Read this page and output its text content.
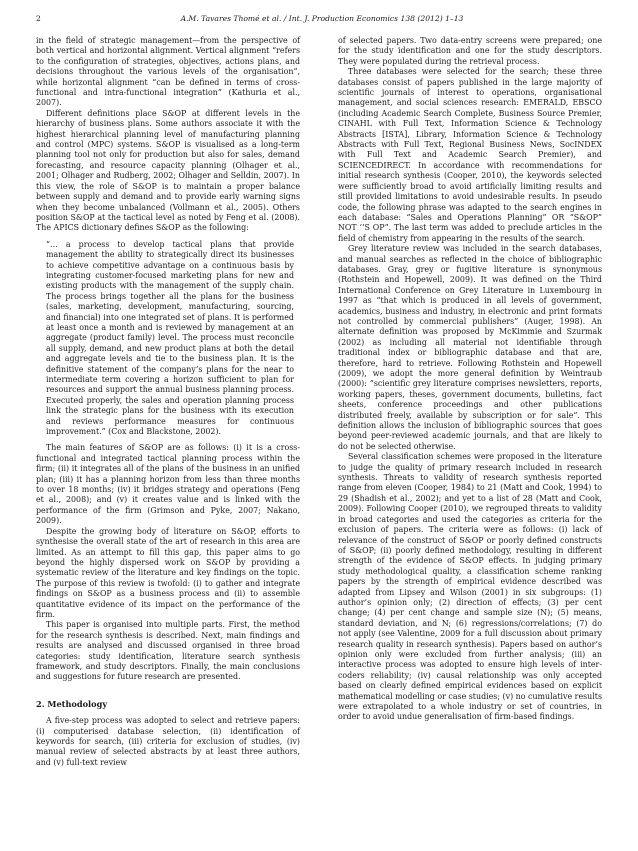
2	A.M. Tavares Thomé et al. / Int. J. Production Economics 138 (2012) 1–13

in the field of strategic management—from the perspective of both vertical and horizontal alignment. Vertical alignment “refers to the configuration of strategies, objectives, actions plans, and decisions throughout the various levels of the organisation”, while horizontal alignment “can be defined in terms of cross-functional and intra-functional integration” (Kathuria et al., 2007).

Different definitions place S&OP at different levels in the hierarchy of business plans. Some authors associate it with the highest hierarchical planning level of manufacturing planning and control (MPC) systems. S&OP is visualised as a long-term planning tool not only for production but also for sales, demand forecasting, and resource capacity planning (Olhager et al., 2001; Olhager and Rudberg, 2002; Olhager and Selldin, 2007). In this view, the role of S&OP is to maintain a proper balance between supply and demand and to provide early warning signs when they become unbalanced (Vollmann et al., 2005). Others position S&OP at the tactical level as noted by Feng et al. (2008). The APICS dictionary defines S&OP as the following:

“… a process to develop tactical plans that provide management the ability to strategically direct its businesses to achieve competitive advantage on a continuous basis by integrating customer-focused marketing plans for new and existing products with the management of the supply chain. The process brings together all the plans for the business (sales, marketing, development, manufacturing, sourcing, and financial) into one integrated set of plans. It is performed at least once a month and is reviewed by management at an aggregate (product family) level. The process must reconcile all supply, demand, and new product plans at both the detail and aggregate levels and tie to the business plan. It is the definitive statement of the company’s plans for the near to intermediate term covering a horizon sufficient to plan for resources and support the annual business planning process. Executed properly, the sales and operation planning process link the strategic plans for the business with its execution and reviews performance measures for continuous improvement.” (Cox and Blackstone, 2002).

The main features of S&OP are as follows: (i) it is a cross-functional and integrated tactical planning process within the firm; (ii) it integrates all of the plans of the business in an unified plan; (iii) it has a planning horizon from less than three months to over 18 months; (iv) it bridges strategy and operations (Feng et al., 2008); and (v) it creates value and is linked with the performance of the firm (Grimson and Pyke, 2007; Nakano, 2009).

Despite the growing body of literature on S&OP, efforts to synthesise the overall state of the art of research in this area are limited. As an attempt to fill this gap, this paper aims to go beyond the highly dispersed work on S&OP by providing a systematic review of the literature and key findings on the topic. The purpose of this review is twofold: (i) to gather and integrate findings on S&OP as a business process and (ii) to assemble quantitative evidence of its impact on the performance of the firm.

This paper is organised into multiple parts. First, the method for the research synthesis is described. Next, main findings and results are analysed and discussed organised in three broad categories: study identification, literature search synthesis framework, and study descriptors. Finally, the main conclusions and suggestions for future research are presented.

2. Methodology

A five-step process was adopted to select and retrieve papers: (i) computerised database selection, (ii) identification of keywords for search, (iii) criteria for exclusion of studies, (iv) manual review of selected abstracts by at least three authors, and (v) full-text review

of selected papers. Two data-entry screens were prepared; one for the study identification and one for the study descriptors. They were populated during the retrieval process.

Three databases were selected for the search; these three databases consist of papers published in the large majority of scientific journals of interest to operations, organisational management, and social sciences research: EMERALD, EBSCO (including Academic Search Complete, Business Source Premier, CINAHL with Full Text, Information Science & Technology Abstracts [ISTA], Library, Information Science & Technology Abstracts with Full Text, Regional Business News, SocINDEX with Full Text and Academic Search Premier), and SCIENCEDIRECT. In accordance with recommendations for initial research synthesis (Cooper, 2010), the keywords selected were sufficiently broad to avoid artificially limiting results and still provided limitations to avoid undesirable results. In pseudo code, the following phrase was adapted to the search engines in each database: “Sales and Operations Planning” OR “S&OP” NOT ‘‘S OP”. The last term was added to preclude articles in the field of chemistry from appearing in the results of the search.

Grey literature review was included in the search databases, and manual searches as reflected in the choice of bibliographic databases. Gray, grey or fugitive literature is synonymous (Rothstein and Hopewell, 2009). It was defined on the Third International Conference on Grey Literature in Luxembourg in 1997 as “that which is produced in all levels of government, academics, business and industry, in electronic and print formats not controlled by commercial publishers” (Auger, 1998). An alternate definition was proposed by McKimmie and Szurmak (2002) as including all material not identifiable through traditional index or bibliographic database and that are, therefore, hard to retrieve. Following Rothstein and Hopewell (2009), we adopt the more general definition by Weintraub (2000): “scientific grey literature comprises newsletters, reports, working papers, theses, government documents, bulletins, fact sheets, conference proceedings and other publications distributed freely, available by subscription or for sale”. This definition allows the inclusion of bibliographic sources that goes beyond peer-reviewed academic journals, and that are likely to do not be selected otherwise.

Several classification schemes were proposed in the literature to judge the quality of primary research included in research synthesis. Threats to validity of research synthesis reported range from eleven (Cooper, 1984) to 21 (Matt and Cook, 1994) to 29 (Shadish et al., 2002); and yet to a list of 28 (Matt and Cook, 2009). Following Cooper (2010), we regrouped threats to validity in broad categories and used the categories as criteria for the exclusion of papers. The criteria were as follows: (i) lack of relevance of the construct of S&OP or poorly defined constructs of S&OP; (ii) poorly defined methodology, resulting in different strength of the evidence of S&OP effects. In judging primary study methodological quality, a classification scheme ranking papers by the strength of empirical evidence described was adapted from Lipsey and Wilson (2001) in six subgroups: (1) author’s opinion only; (2) direction of effects; (3) per cent change; (4) per cent change and sample size (N); (5) means, standard deviation, and N; (6) regressions/correlations; (7) do not apply (see Valentine, 2009 for a full discussion about primary research quality in research synthesis). Papers based on author’s opinion only were excluded from further analysis; (iii) an interactive process was adopted to ensure high levels of inter-coders reliability; (iv) causal relationship was only accepted based on clearly defined empirical evidences based on explicit mathematical modelling or case studies; (v) no cumulative results were extrapolated to a whole industry or set of countries, in order to avoid undue generalisation of firm-based findings.
